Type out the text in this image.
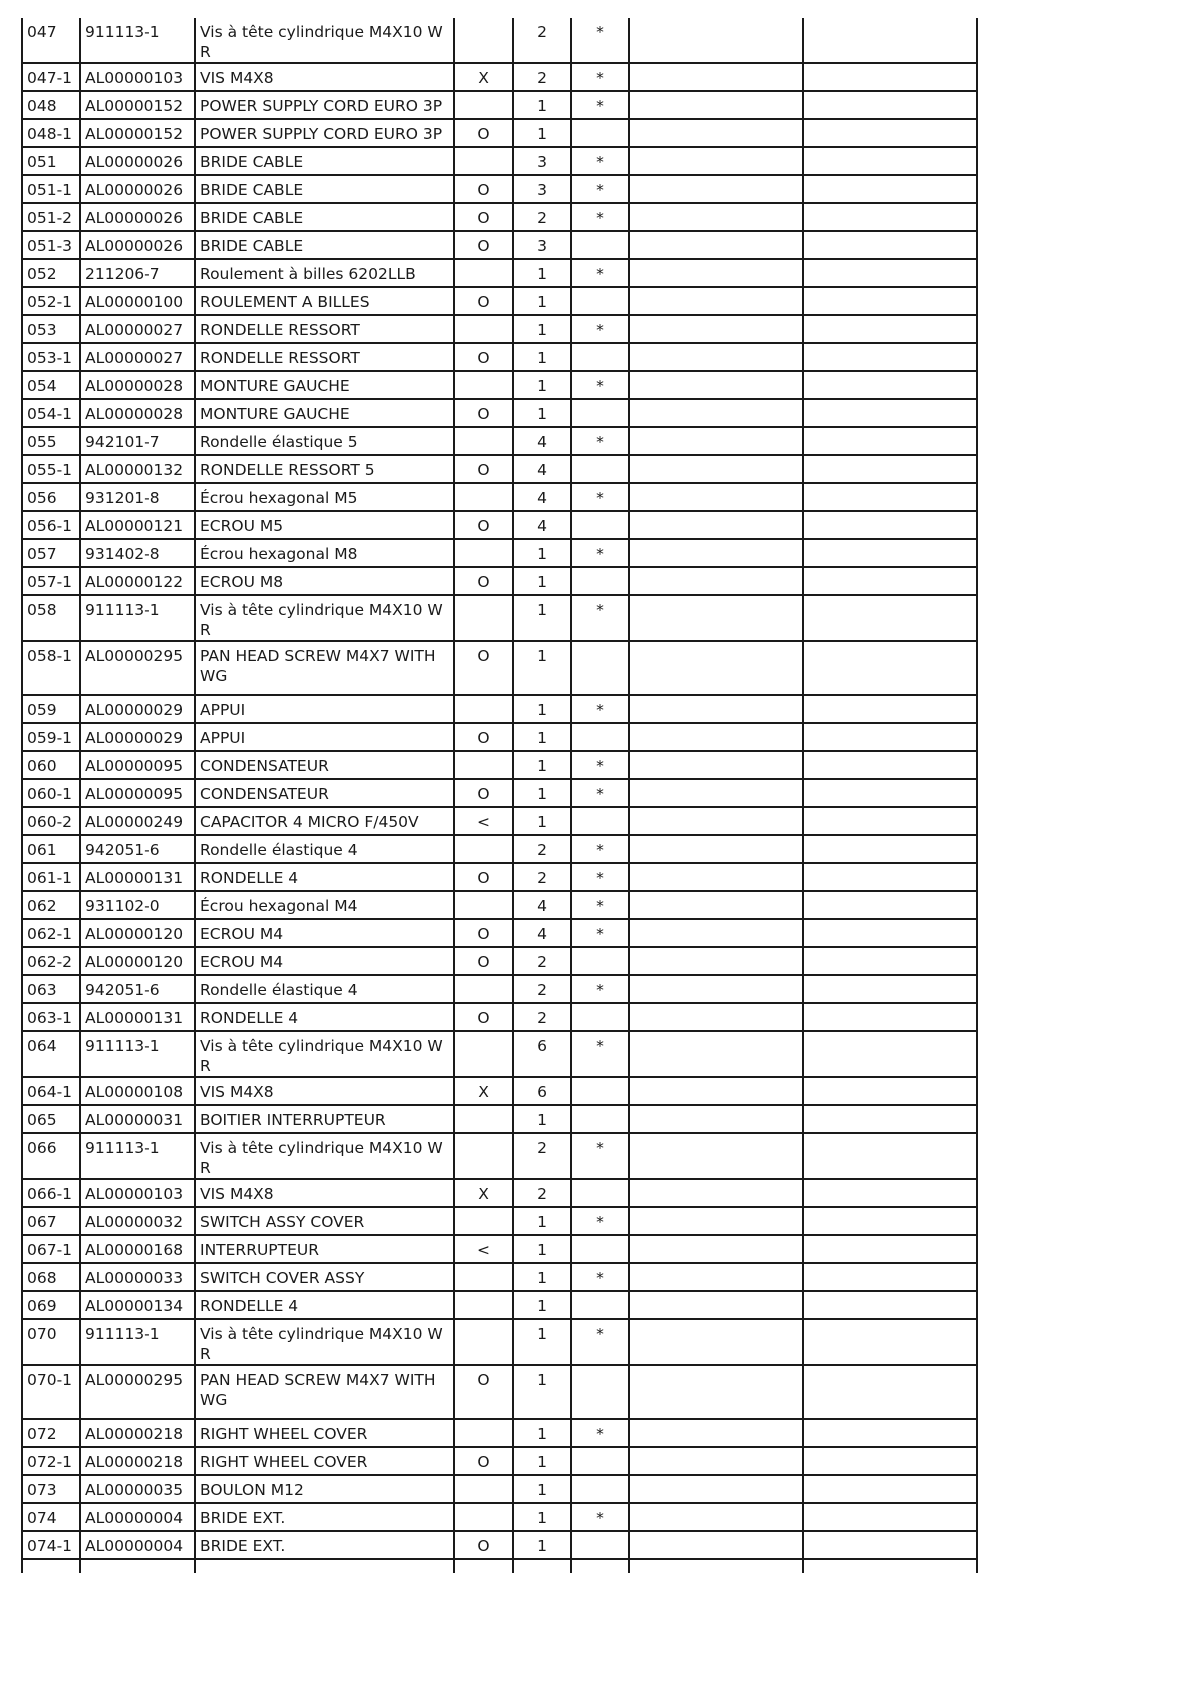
047	911113-1	Vis à tête cylindrique M4X10 WR		2	*		
047-1	AL00000103	VIS M4X8	X	2	*		
048	AL00000152	POWER SUPPLY CORD EURO 3P		1	*		
048-1	AL00000152	POWER SUPPLY CORD EURO 3P	O	1			
051	AL00000026	BRIDE CABLE		3	*		
051-1	AL00000026	BRIDE CABLE	O	3	*		
051-2	AL00000026	BRIDE CABLE	O	2	*		
051-3	AL00000026	BRIDE CABLE	O	3			
052	211206-7	Roulement à billes 6202LLB		1	*		
052-1	AL00000100	ROULEMENT A BILLES	O	1			
053	AL00000027	RONDELLE RESSORT		1	*		
053-1	AL00000027	RONDELLE RESSORT	O	1			
054	AL00000028	MONTURE GAUCHE		1	*		
054-1	AL00000028	MONTURE GAUCHE	O	1			
055	942101-7	Rondelle élastique 5		4	*		
055-1	AL00000132	RONDELLE RESSORT 5	O	4			
056	931201-8	Écrou hexagonal M5		4	*		
056-1	AL00000121	ECROU M5	O	4			
057	931402-8	Écrou hexagonal M8		1	*		
057-1	AL00000122	ECROU M8	O	1			
058	911113-1	Vis à tête cylindrique M4X10 WR		1	*		
058-1	AL00000295	PAN HEAD SCREW M4X7 WITH WG	O	1			
059	AL00000029	APPUI		1	*		
059-1	AL00000029	APPUI	O	1			
060	AL00000095	CONDENSATEUR		1	*		
060-1	AL00000095	CONDENSATEUR	O	1	*		
060-2	AL00000249	CAPACITOR 4 MICRO F/450V	<	1			
061	942051-6	Rondelle élastique 4		2	*		
061-1	AL00000131	RONDELLE 4	O	2	*		
062	931102-0	Écrou hexagonal M4		4	*		
062-1	AL00000120	ECROU M4	O	4	*		
062-2	AL00000120	ECROU M4	O	2			
063	942051-6	Rondelle élastique 4		2	*		
063-1	AL00000131	RONDELLE 4	O	2			
064	911113-1	Vis à tête cylindrique M4X10 WR		6	*		
064-1	AL00000108	VIS M4X8	X	6			
065	AL00000031	BOITIER INTERRUPTEUR		1			
066	911113-1	Vis à tête cylindrique M4X10 WR		2	*		
066-1	AL00000103	VIS M4X8	X	2			
067	AL00000032	SWITCH ASSY COVER		1	*		
067-1	AL00000168	INTERRUPTEUR	<	1			
068	AL00000033	SWITCH COVER ASSY		1	*		
069	AL00000134	RONDELLE 4		1			
070	911113-1	Vis à tête cylindrique M4X10 WR		1	*		
070-1	AL00000295	PAN HEAD SCREW M4X7 WITH WG	O	1			
072	AL00000218	RIGHT WHEEL COVER		1	*		
072-1	AL00000218	RIGHT WHEEL COVER	O	1			
073	AL00000035	BOULON M12		1			
074	AL00000004	BRIDE EXT.		1	*		
074-1	AL00000004	BRIDE EXT.	O	1			
